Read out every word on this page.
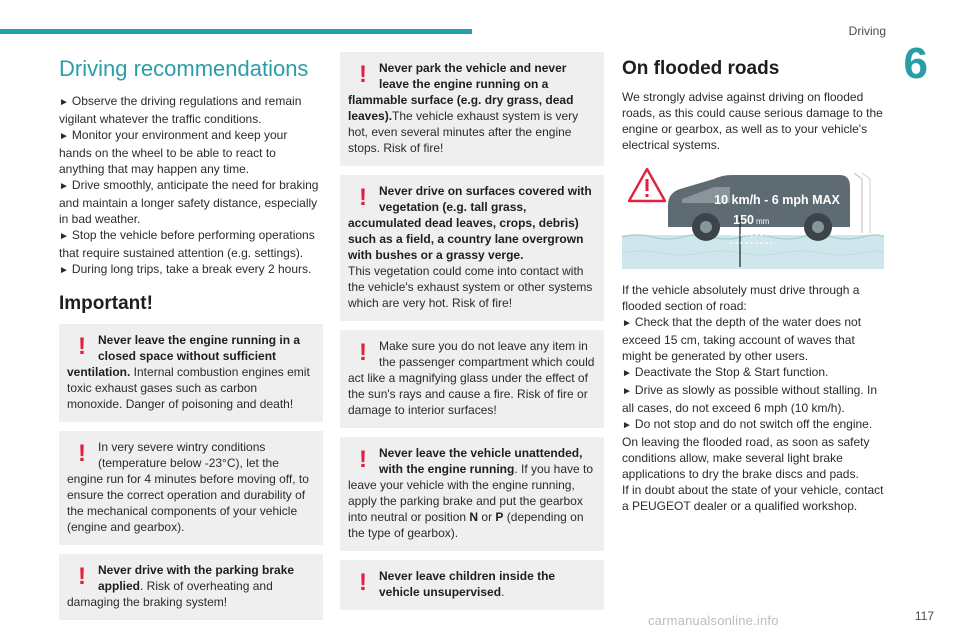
Driving
6
Driving recommendations

► Observe the driving regulations and remain vigilant whatever the traffic conditions.

► Monitor your environment and keep your hands on the wheel to be able to react to anything that may happen any time.

► Drive smoothly, anticipate the need for braking and maintain a longer safety distance, especially in bad weather.

► Stop the vehicle before performing operations that require sustained attention (e.g. settings).

► During long trips, take a break every 2 hours.

Important!
!	Never leave the engine running in a closed space without sufficient ventilation. Internal combustion engines emit toxic exhaust gases such as carbon monoxide. Danger of poisoning and death!
!	In very severe wintry conditions (temperature below -23°C), let the engine run for 4 minutes before moving off, to ensure the correct operation and durability of the mechanical components of your vehicle (engine and gearbox).
!	Never drive with the parking brake applied. Risk of overheating and damaging the braking system!
!	Never park the vehicle and never leave the engine running on a flammable surface (e.g. dry grass, dead leaves).The vehicle exhaust system is very hot, even several minutes after the engine stops. Risk of fire!
!	Never drive on surfaces covered with vegetation (e.g. tall grass, accumulated dead leaves, crops, debris) such as a field, a country lane overgrown with bushes or a grassy verge.
This vegetation could come into contact with the vehicle's exhaust system or other systems which are very hot. Risk of fire!
!	Make sure you do not leave any item in the passenger compartment which could act like a magnifying glass under the effect of the sun's rays and cause a fire. Risk of fire or damage to interior surfaces!
!	Never leave the vehicle unattended, with the engine running. If you have to leave your vehicle with the engine running, apply the parking brake and put the gearbox into neutral or position N or P (depending on the type of gearbox).
!	Never leave children inside the vehicle unsupervised.
On flooded roads

We strongly advise against driving on flooded roads, as this could cause serious damage to the engine or gearbox, as well as to your vehicle's electrical systems.

10 km/h - 6 mph MAX
150 mm

If the vehicle absolutely must drive through a flooded section of road:

► Check that the depth of the water does not exceed 15 cm, taking account of waves that might be generated by other users.

► Deactivate the Stop & Start function.

► Drive as slowly as possible without stalling. In all cases, do not exceed 6 mph (10 km/h).

► Do not stop and do not switch off the engine.

On leaving the flooded road, as soon as safety conditions allow, make several light brake applications to dry the brake discs and pads.

If in doubt about the state of your vehicle, contact a PEUGEOT dealer or a qualified workshop.

117
carmanualsonline.info
